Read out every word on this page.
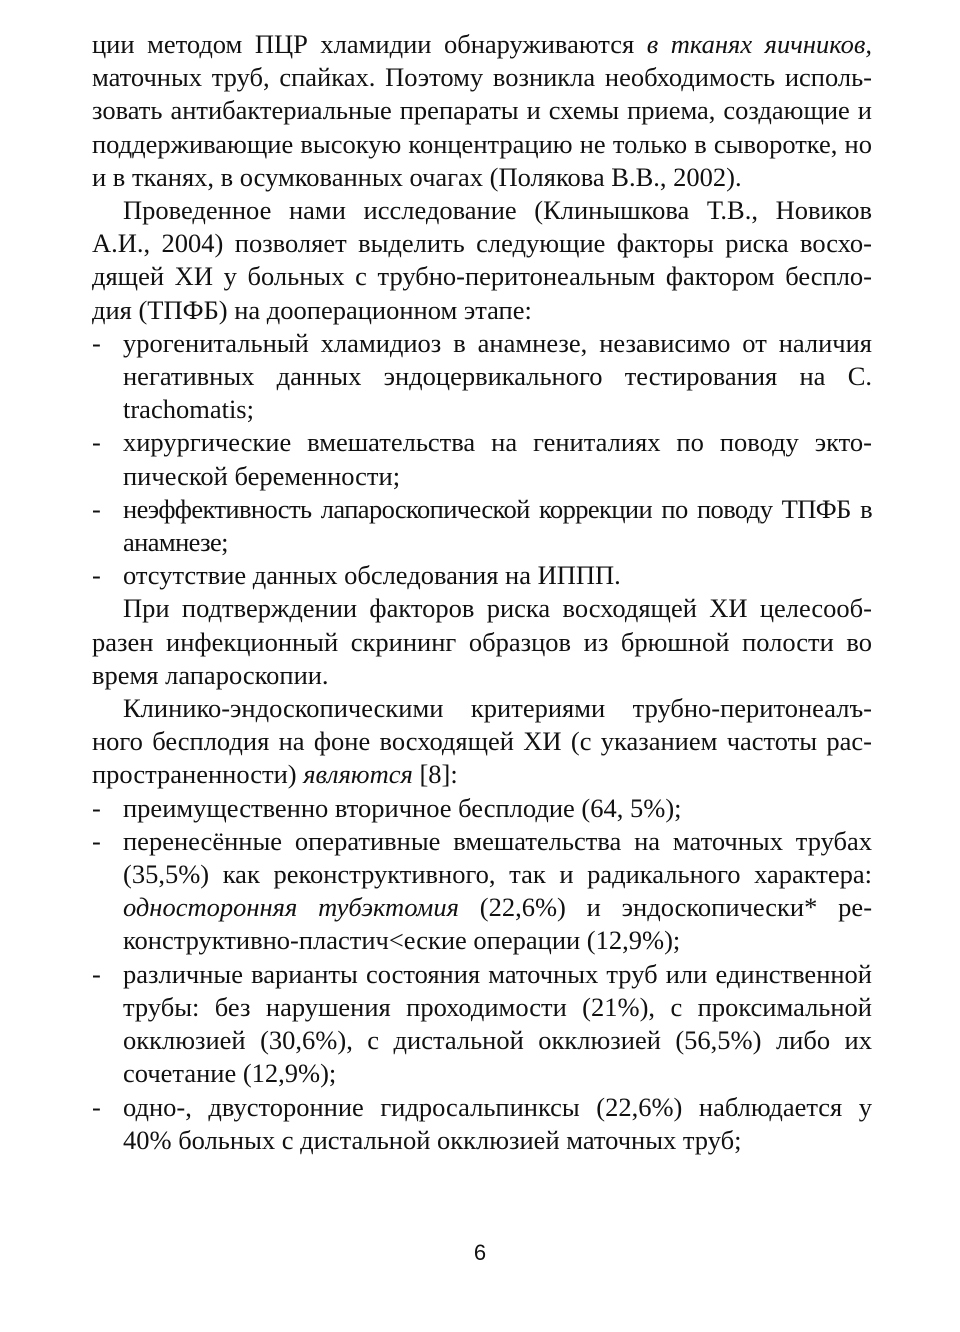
ции методом ПЦР хламидии обнаруживаются в тканях яичников, маточных труб, спайках. Поэтому возникла необходимость использовать антибактериальные препараты и схемы приема, создающие и поддерживающие высокую концентрацию не только в сыворотке, но и в тканях, в осумкованных очагах (Полякова В.В., 2002).

Проведенное нами исследование (Клинышкова Т.В., Новиков А.И., 2004) позволяет выделить следующие факторы риска восходящей ХИ у больных с трубно-перитонеальным фактором бесплодия (ТПФБ) на дооперационном этапе:

- урогенитальный хламидиоз в анамнезе, независимо от наличия негативных данных эндоцервикального тестирования на С. trachomatis;

- хирургические вмешательства на гениталиях по поводу эктопической беременности;

- неэффективность лапароскопической коррекции по поводу ТПФБ в анамнезе;

- отсутствие данных обследования на ИППП.

При подтверждении факторов риска восходящей ХИ целесообразен инфекционный скрининг образцов из брюшной полости во время лапароскопии.

Клинико-эндоскопическими критериями трубно-перитонеалъного бесплодия на фоне восходящей ХИ (с указанием частоты распространенности) являются [8]:

- преимущественно вторичное бесплодие (64, 5%);

- перенесённые оперативные вмешательства на маточных трубах (35,5%) как реконструктивного, так и радикального характера: односторонняя тубэктомия (22,6%) и эндоскопически* реконструктивно-пластич<еские операции (12,9%);

- различные варианты состояния маточных труб или единственной трубы: без нарушения проходимости (21%), с проксимальной окклюзией (30,6%), с дистальной окклюзией (56,5%) либо их сочетание (12,9%);

- одно-, двусторонние гидросальпинксы (22,6%) наблюдается у 40% больных с дистальной окклюзией маточных труб;

6
